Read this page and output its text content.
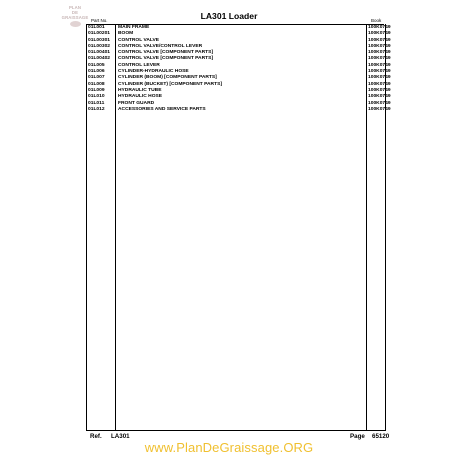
PLAN
DE
GRAISSAGE	LA301 Loader
Part No.	Book
01L001	MAIN FRAME	100K0749
01L00201 BOOM	100K0749
01L00301 CONTROL VALVE	100K0749
01L00302 CONTROL VALVE/CONTROL LEVER	100K0749
01L00401 CONTROL VALVE [COMPONENT PARTS]	100K0749
01L00402 CONTROL VALVE [COMPONENT PARTS]	100K0749
01L005	CONTROL LEVER	100K0749
01L006	CYLINDER-HYDRAULIC HOSE	100K0749
01L007	CYLINDER (BOOM) [COMPONENT PARTS]	100K0749
01L008	CYLINDER (BUCKET) [COMPONENT PARTS]	100K0749
01L009	HYDRAULIC TUBE	100K0749
01L010	HYDRAULIC HOSE	100K0749
01L011	FRONT GUARD	100K0749
01L012	ACCESSORIES AND SERVICE PARTS	100K0749
Ref. LA301	Page 65120
www.PlanDeGraissage.ORG
